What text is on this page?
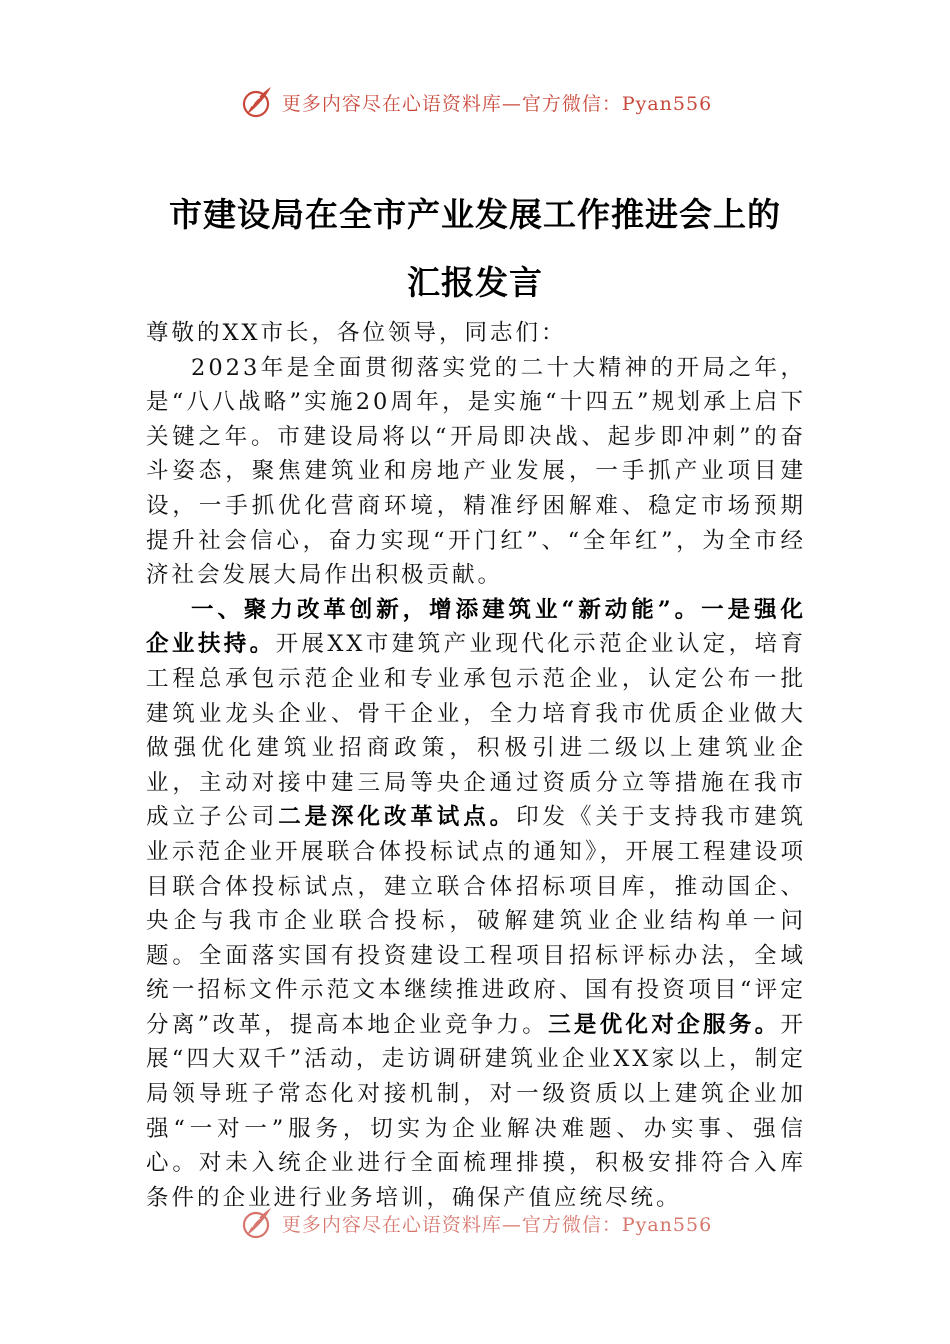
更多内容尽在心语资料库—官方微信：Pyan556
市建设局在全市产业发展工作推进会上的
汇报发言

尊敬的XX市长，各位领导，同志们：

2023年是全面贯彻落实党的二十大精神的开局之年，是“八八战略”实施20周年，是实施“十四五”规划承上启下关键之年。市建设局将以“开局即决战、起步即冲刺”的奋斗姿态，聚焦建筑业和房地产业发展，一手抓产业项目建设，一手抓优化营商环境，精准纾困解难、稳定市场预期提升社会信心，奋力实现“开门红”、“全年红”，为全市经济社会发展大局作出积极贡献。

一、聚力改革创新，增添建筑业“新动能”。一是强化企业扶持。开展XX市建筑产业现代化示范企业认定，培育工程总承包示范企业和专业承包示范企业，认定公布一批建筑业龙头企业、骨干企业，全力培育我市优质企业做大做强优化建筑业招商政策，积极引进二级以上建筑业企业，主动对接中建三局等央企通过资质分立等措施在我市成立子公司二是深化改革试点。印发《关于支持我市建筑业示范企业开展联合体投标试点的通知》，开展工程建设项目联合体投标试点，建立联合体招标项目库，推动国企、央企与我市企业联合投标，破解建筑业企业结构单一问题。全面落实国有投资建设工程项目招标评标办法，全域统一招标文件示范文本继续推进政府、国有投资项目“评定分离”改革，提高本地企业竞争力。三是优化对企服务。开展“四大双千”活动，走访调研建筑业企业XX家以上，制定局领导班子常态化对接机制，对一级资质以上建筑企业加强“一对一”服务，切实为企业解决难题、办实事、强信心。对未入统企业进行全面梳理排摸，积极安排符合入库条件的企业进行业务培训，确保产值应统尽统。

更多内容尽在心语资料库—官方微信：Pyan556
